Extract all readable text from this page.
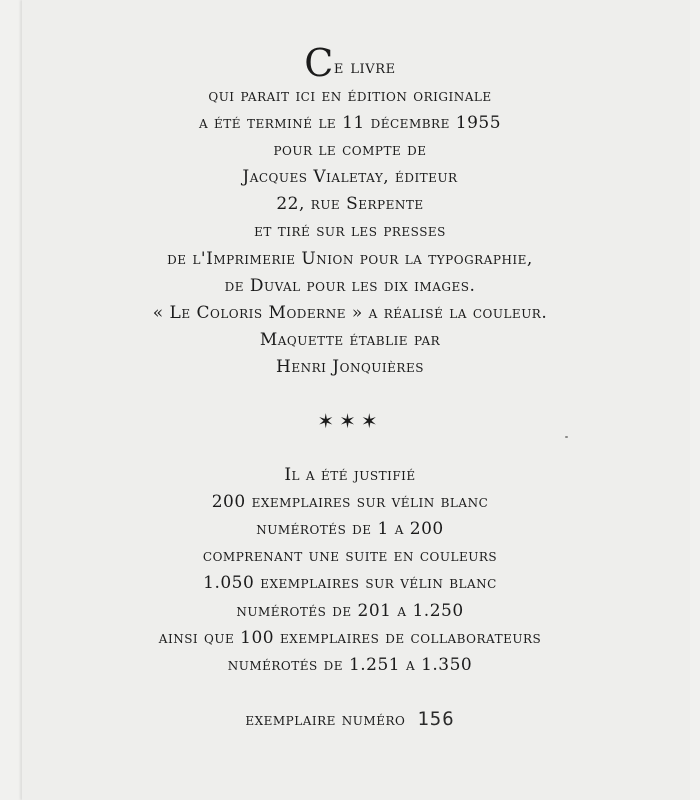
Ce livre
qui parait ici en édition originale
a été terminé le 11 décembre 1955
pour le compte de
Jacques Vialetay, éditeur
22, rue Serpente
et tiré sur les presses
de l'Imprimerie Union pour la typographie,
de Duval pour les dix images.
« Le Coloris Moderne » a réalisé la couleur.
Maquette établie par
Henri Jonquières
✶✶✶
Il a été justifié
200 exemplaires sur vélin blanc
numérotés de 1 a 200
comprenant une suite en couleurs
1.050 exemplaires sur vélin blanc
numérotés de 201 a 1.250
ainsi que 100 exemplaires de collaborateurs
numérotés de 1.251 a 1.350
exemplaire numéro 156
